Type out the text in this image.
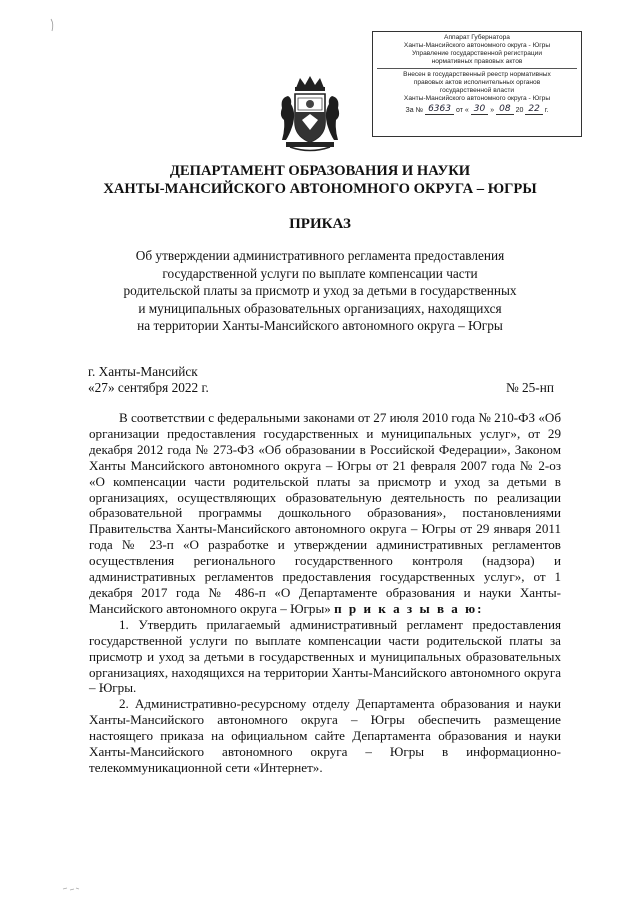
Аппарат Губернатора
Ханты-Мансийского автономного округа - Югры
Управление государственной регистрации
нормативных правовых актов
Внесен в государственный реестр нормативных
правовых актов исполнительных органов
государственной власти
Ханты-Мансийского автономного округа - Югры
За № 6363 от « 30 » 08 20 22 г.
ДЕПАРТАМЕНТ ОБРАЗОВАНИЯ И НАУКИ
ХАНТЫ-МАНСИЙСКОГО АВТОНОМНОГО ОКРУГА – ЮГРЫ
ПРИКАЗ
Об утверждении административного регламента предоставления
государственной услуги по выплате компенсации части
родительской платы за присмотр и уход за детьми в государственных
и муниципальных образовательных организациях, находящихся
на территории Ханты-Мансийского автономного округа – Югры
г. Ханты-Мансийск
«27» сентября 2022 г.	№ 25-нп

В соответствии с федеральными законами от 27 июля 2010 года № 210-ФЗ «Об организации предоставления государственных и муниципальных услуг», от 29 декабря 2012 года № 273-ФЗ «Об образовании в Российской Федерации», Законом Ханты Мансийского автономного округа – Югры от 21 февраля 2007 года № 2-оз «О компенсации части родительской платы за присмотр и уход за детьми в организациях, осуществляющих образовательную деятельность по реализации образовательной программы дошкольного образования», постановлениями Правительства Ханты-Мансийского автономного округа – Югры от 29 января 2011 года № 23-п «О разработке и утверждении административных регламентов осуществления регионального государственного контроля (надзора) и административных регламентов предоставления государственных услуг», от 1 декабря 2017 года № 486-п «О Департаменте образования и науки Ханты-Мансийского автономного округа – Югры» п р и к а з ы в а ю:

1. Утвердить прилагаемый административный регламент предоставления государственной услуги по выплате компенсации части родительской платы за присмотр и уход за детьми в государственных и муниципальных образовательных организациях, находящихся на территории Ханты-Мансийского автономного округа – Югры.

2. Административно-ресурсному отделу Департамента образования и науки Ханты-Мансийского автономного округа – Югры обеспечить размещение настоящего приказа на официальном сайте Департамента образования и науки Ханты-Мансийского автономного округа – Югры в информационно-телекоммуникационной сети «Интернет».
